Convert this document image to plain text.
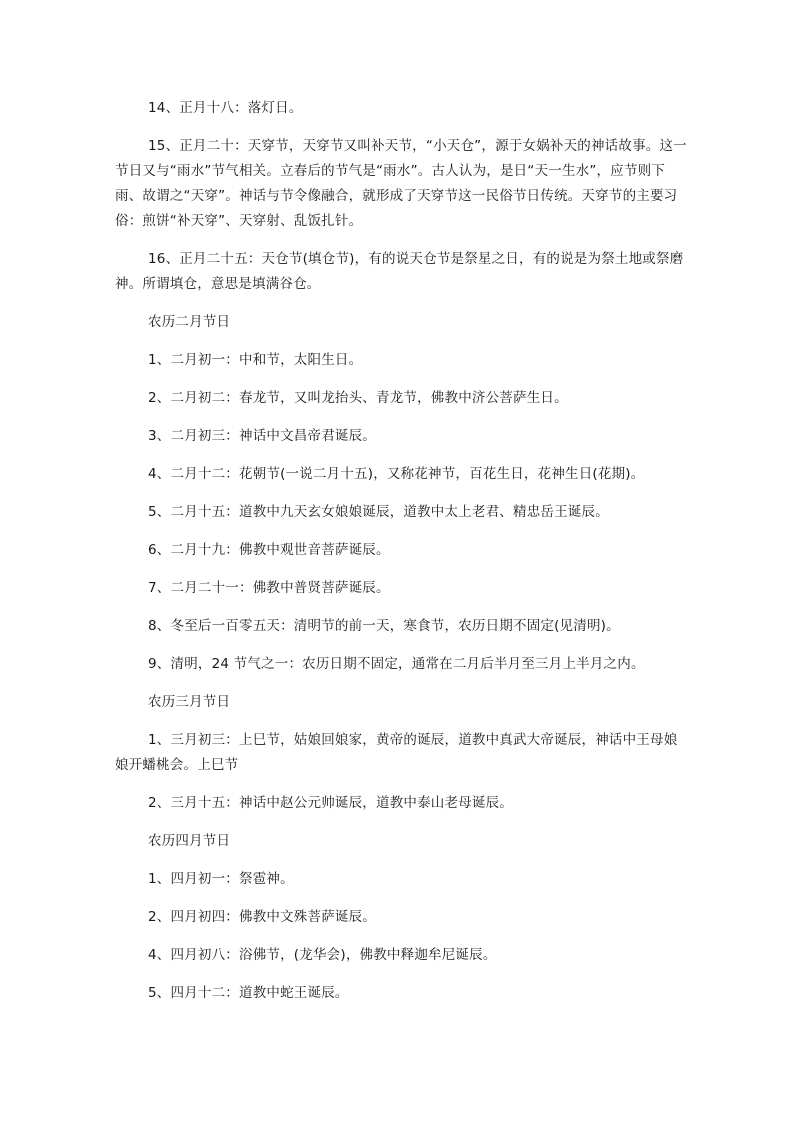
14、正月十八：落灯日。

15、正月二十：天穿节，天穿节又叫补天节，“小天仓”，源于女娲补天的神话故事。这一节日又与“雨水”节气相关。立春后的节气是“雨水”。古人认为，是日“天一生水”，应节则下雨、故谓之“天穿”。神话与节令像融合，就形成了天穿节这一民俗节日传统。天穿节的主要习俗：煎饼“补天穿”、天穿射、乱饭扎针。

16、正月二十五：天仓节(填仓节)，有的说天仓节是祭星之日，有的说是为祭土地或祭磨神。所谓填仓，意思是填满谷仓。

农历二月节日

1、二月初一：中和节，太阳生日。

2、二月初二：春龙节，又叫龙抬头、青龙节，佛教中济公菩萨生日。

3、二月初三：神话中文昌帝君诞辰。

4、二月十二：花朝节(一说二月十五)，又称花神节，百花生日，花神生日(花期)。

5、二月十五：道教中九天玄女娘娘诞辰，道教中太上老君、精忠岳王诞辰。

6、二月十九：佛教中观世音菩萨诞辰。

7、二月二十一：佛教中普贤菩萨诞辰。

8、冬至后一百零五天：清明节的前一天，寒食节，农历日期不固定(见清明)。

9、清明，24 节气之一：农历日期不固定，通常在二月后半月至三月上半月之内。

农历三月节日

1、三月初三：上巳节，姑娘回娘家，黄帝的诞辰，道教中真武大帝诞辰，神话中王母娘娘开蟠桃会。上巳节

2、三月十五：神话中赵公元帅诞辰，道教中泰山老母诞辰。

农历四月节日

1、四月初一：祭雹神。

2、四月初四：佛教中文殊菩萨诞辰。

4、四月初八：浴佛节，(龙华会)，佛教中释迦牟尼诞辰。

5、四月十二：道教中蛇王诞辰。
